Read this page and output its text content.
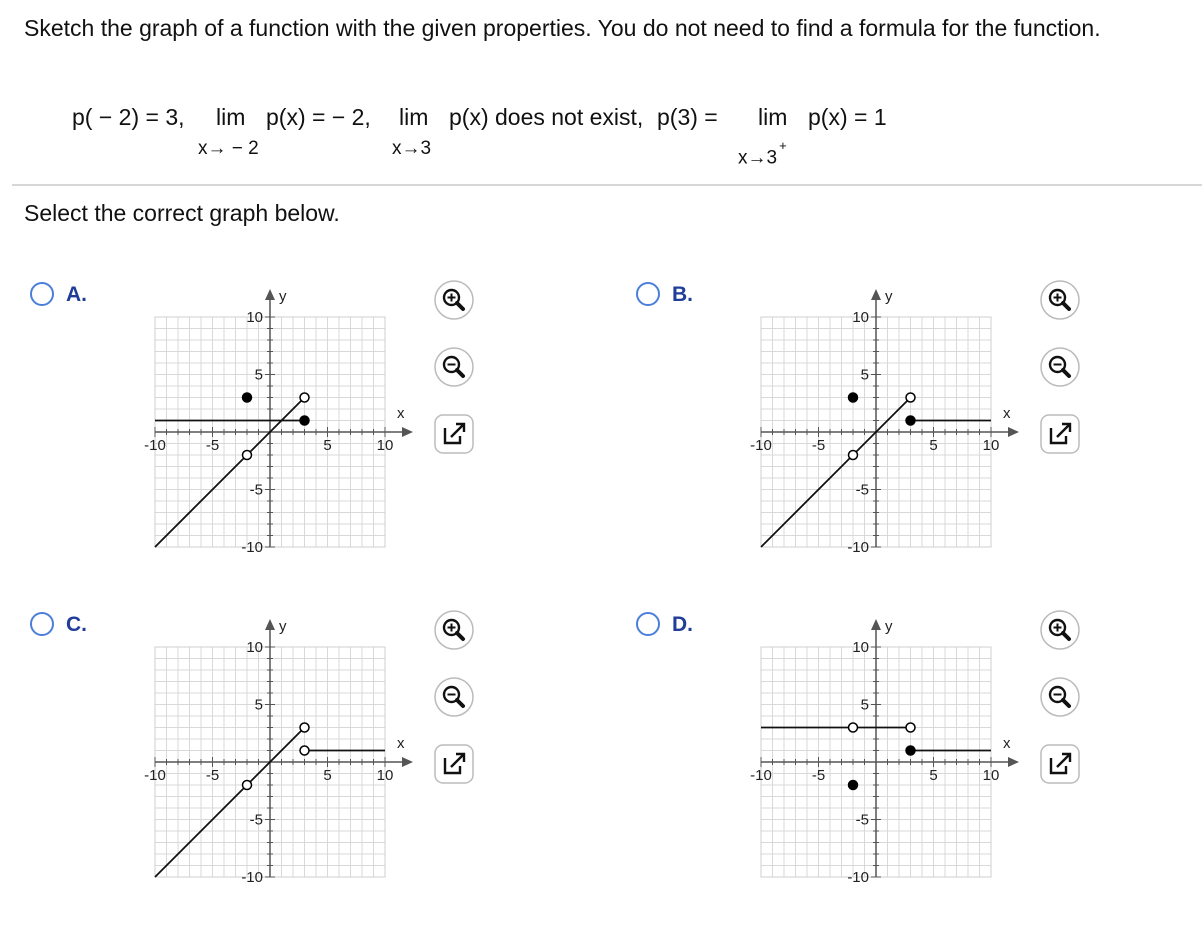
Sketch the graph of a function with the given properties. You do not need to find a formula for the function.
p( − 2) = 3, lim p(x) = − 2,
x→ − 2
lim p(x) does not exist,
x→3
p(3) = lim p(x) = 1
x→3+
Select the correct graph below.
A.
x
y
-10	-5	5	10
10
5
-5
-10
B.
x
y
-10	-5	5	10
10
5
-5
-10
C.
x
y
-10	-5	5	10
10
5
-5
-10
D.
x
y
-10	-5	5	10
10
5
-5
-10
